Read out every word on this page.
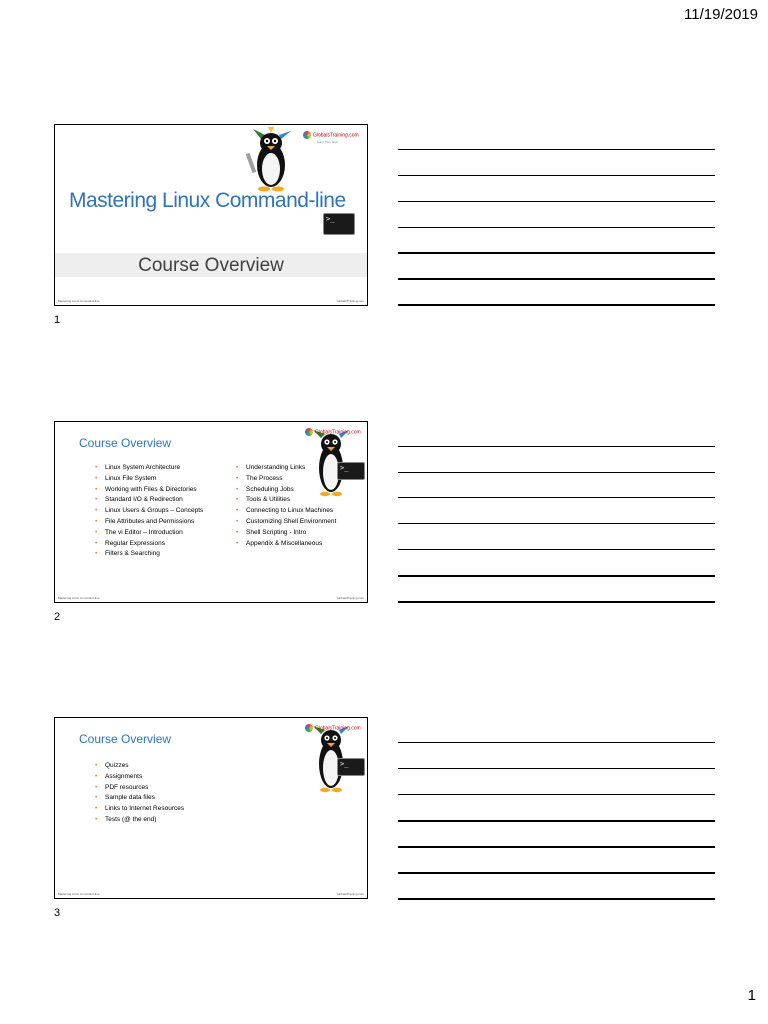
11/19/2019
1
GlobalsTraining.com
Learn. Train. Grow.
Mastering Linux Command-line
>_
Course Overview
Mastering Linux Command-line	GlobalsTraining.com
1
Course Overview
GlobalsTraining.com
>_
• Linux System Architecture
• Linux File System
• Working with Files & Directories
• Standard I/O & Redirection
• Linux Users & Groups – Concepts
• File Attributes and Permissions
• The vi Editor – Introduction
• Regular Expressions
• Filters & Searching
• Understanding Links
• The Process
• Scheduling Jobs
• Tools & Utilities
• Connecting to Linux Machines
• Customizing Shell Environment
• Shell Scripting - Intro
• Appendix & Miscellaneous
Mastering Linux Command-line	GlobalsTraining.com
2
Course Overview
GlobalsTraining.com
>_
• Quizzes
• Assignments
• PDF resources
• Sample data files
• Links to Internet Resources
• Tests (@ the end)
Mastering Linux Command-line	GlobalsTraining.com
3
